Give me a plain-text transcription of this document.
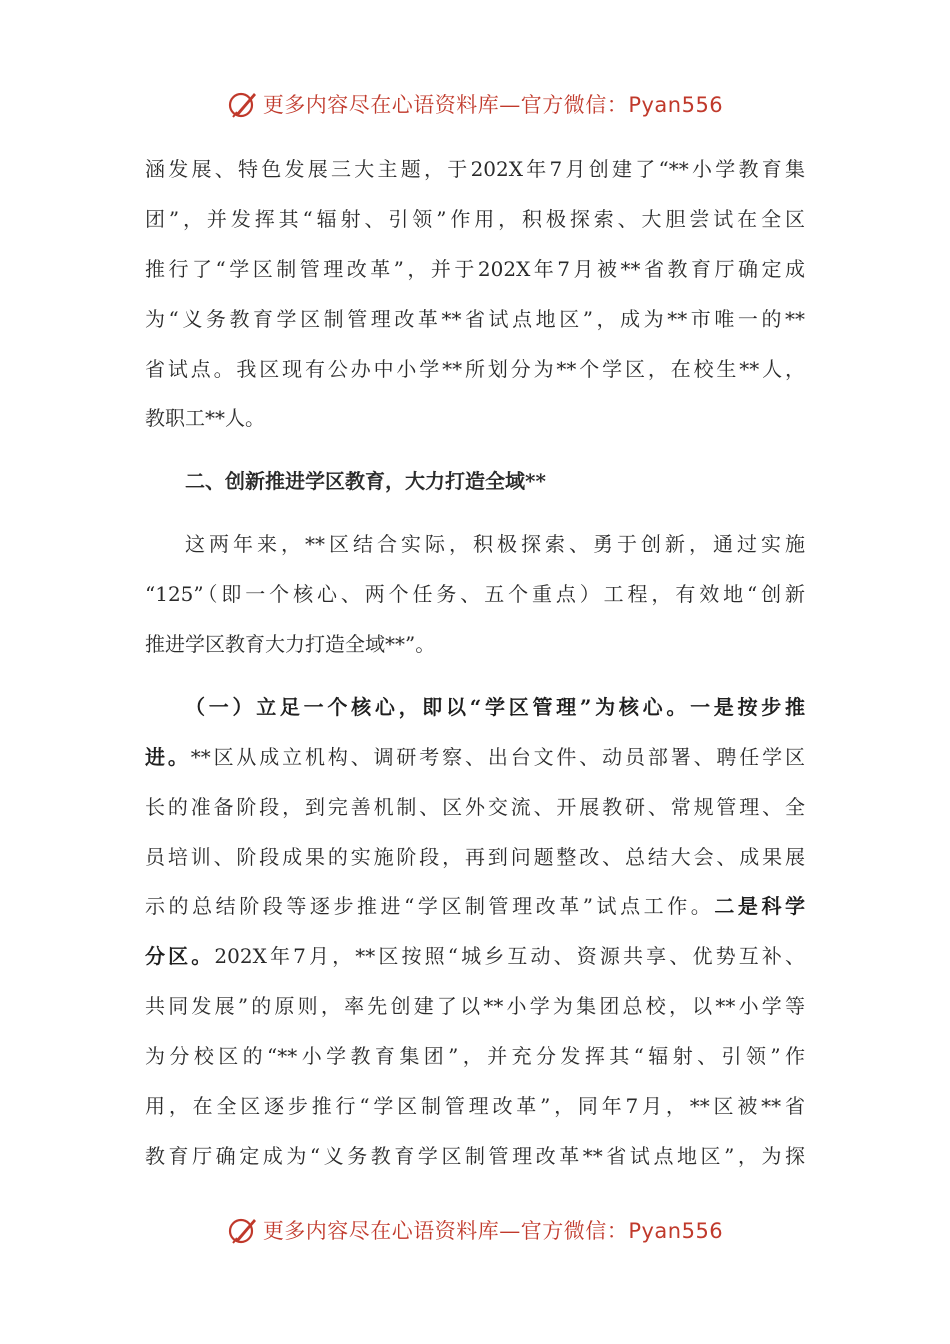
更多内容尽在心语资料库—官方微信：Pyan556
涵发展、特色发展三大主题，于202X年7月创建了“**小学教育集
团”，并发挥其“辐射、引领”作用，积极探索、大胆尝试在全区
推行了“学区制管理改革”，并于202X年7月被**省教育厅确定成
为“义务教育学区制管理改革**省试点地区”，成为**市唯一的**
省试点。我区现有公办中小学**所划分为**个学区，在校生**人，
教职工**人。
二、创新推进学区教育，大力打造全域**
这两年来，**区结合实际，积极探索、勇于创新，通过实施
“125”（即一个核心、两个任务、五个重点）工程，有效地“创新
推进学区教育大力打造全域**”。
（一）立足一个核心，即以“学区管理”为核心。一是按步推
进。**区从成立机构、调研考察、出台文件、动员部署、聘任学区
长的准备阶段，到完善机制、区外交流、开展教研、常规管理、全
员培训、阶段成果的实施阶段，再到问题整改、总结大会、成果展
示的总结阶段等逐步推进“学区制管理改革”试点工作。二是科学
分区。202X年7月，**区按照“城乡互动、资源共享、优势互补、
共同发展”的原则，率先创建了以**小学为集团总校，以**小学等
为分校区的“**小学教育集团”，并充分发挥其“辐射、引领”作
用，在全区逐步推行“学区制管理改革”，同年7月，**区被**省
教育厅确定成为“义务教育学区制管理改革**省试点地区”，为探
更多内容尽在心语资料库—官方微信：Pyan556
